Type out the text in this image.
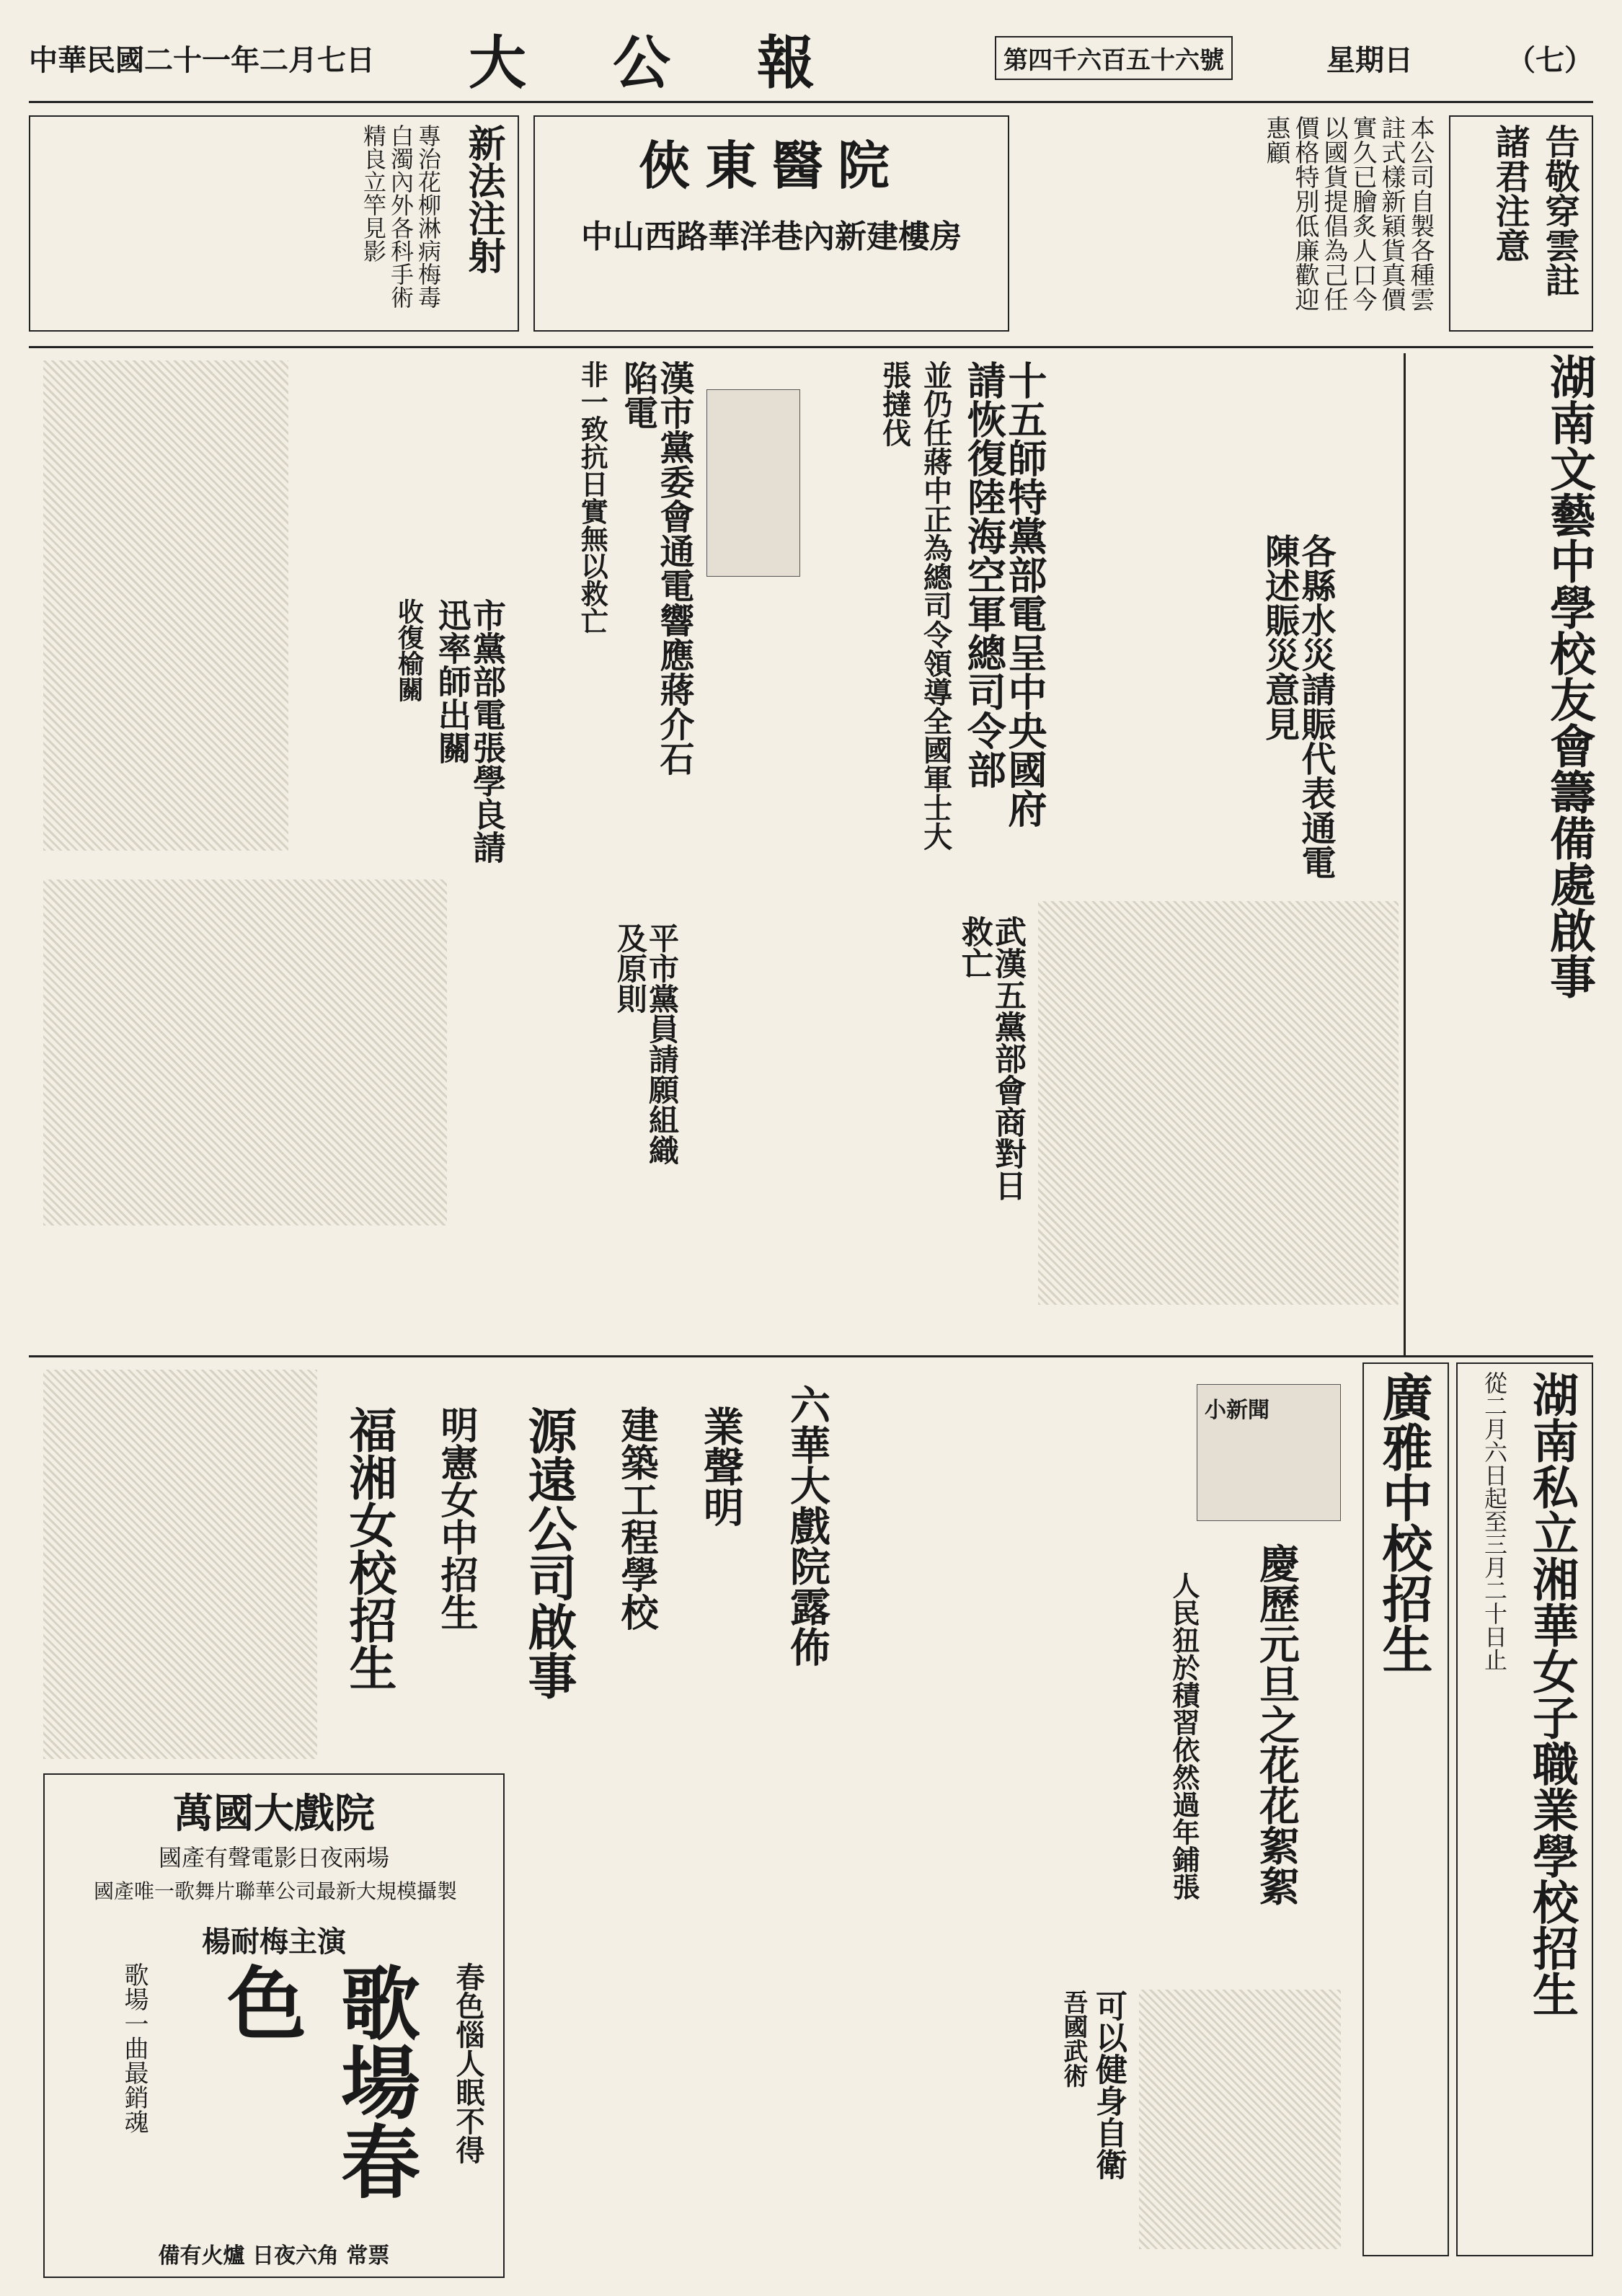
中華民國二十一年二月七日 大公報	第四千六百五十六號	星期日	（七）
告敬穿雲註諸君注意
本公司自製各種雲註式樣新穎貨真價實久已膾炙人口今以國貨提倡為己任價格特別低廉歡迎惠顧
俠東醫院
中山西路華洋巷內新建樓房
新法注射
專治花柳淋病梅毒白濁內外各科手術精良立竿見影
湖南文藝中學校友會籌備處啟事
十五師特黨部電呈中央國府請恢復陸海空軍總司令部
並仍任蔣中正為總司令領導全國軍士大張撻伐
各縣水災請賑代表通電陳述賑災意見
漢市黨委會通電響應蔣介石陷電
非一致抗日實無以救亡
市黨部電張學良請迅率師出關
收復榆關
武漢五黨部會商對日救亡
平市黨員請願組織及原則
湖南私立湘華女子職業學校招生
從二月六日起至三月二十日止
廣雅中校招生
小新聞
慶歷元旦之花花絮絮
人民狃於積習依然過年鋪張
可以健身自衛
吾國武術
六華大戲院露佈
業聲明
建築工程學校
源遠公司啟事
明憲女中招生
福湘女校招生
萬國大戲院
國產有聲電影日夜兩場
國產唯一歌舞片聯華公司最新大規模攝製
楊耐梅主演
春色惱人眠不得
歌場春色
歌場一曲最銷魂
備有火爐 日夜六角 常票
